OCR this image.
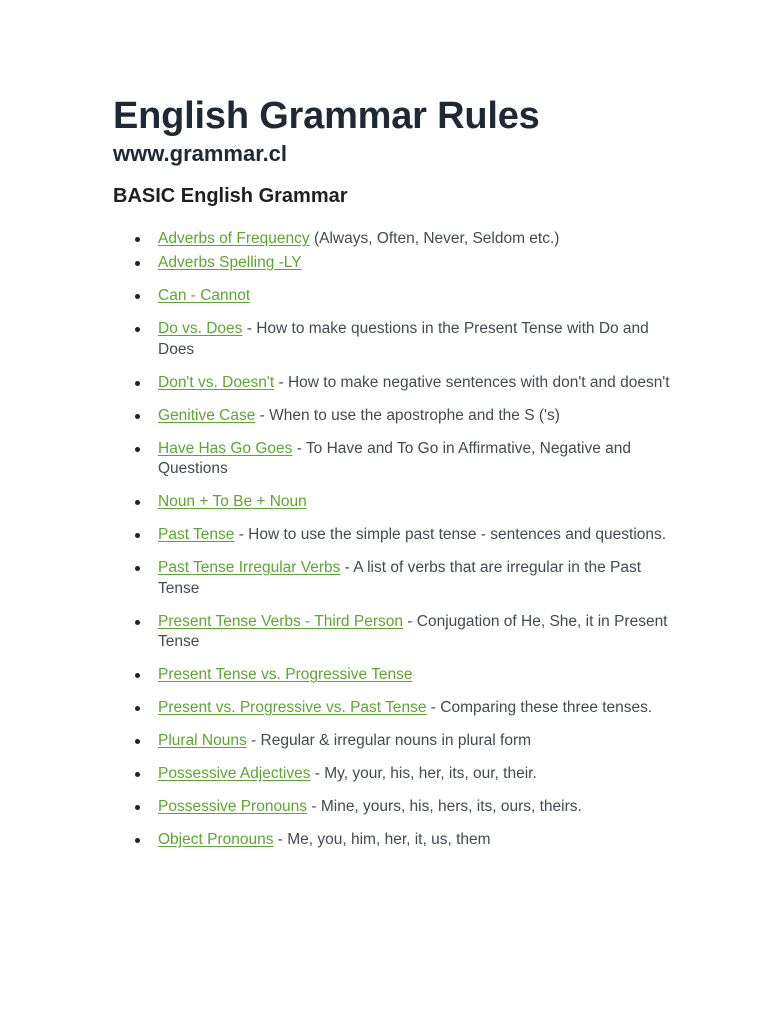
English Grammar Rules
www.grammar.cl
BASIC English Grammar
Adverbs of Frequency (Always, Often, Never, Seldom etc.)
Adverbs Spelling -LY
Can - Cannot
Do vs. Does - How to make questions in the Present Tense with Do and Does
Don't vs. Doesn't - How to make negative sentences with don't and doesn't
Genitive Case - When to use the apostrophe and the S ('s)
Have Has Go Goes - To Have and To Go in Affirmative, Negative and Questions
Noun + To Be + Noun
Past Tense - How to use the simple past tense - sentences and questions.
Past Tense Irregular Verbs - A list of verbs that are irregular in the Past Tense
Present Tense Verbs - Third Person - Conjugation of He, She, it in Present Tense
Present Tense vs. Progressive Tense
Present vs. Progressive vs. Past Tense - Comparing these three tenses.
Plural Nouns - Regular & irregular nouns in plural form
Possessive Adjectives - My, your, his, her, its, our, their.
Possessive Pronouns - Mine, yours, his, hers, its, ours, theirs.
Object Pronouns - Me, you, him, her, it, us, them
